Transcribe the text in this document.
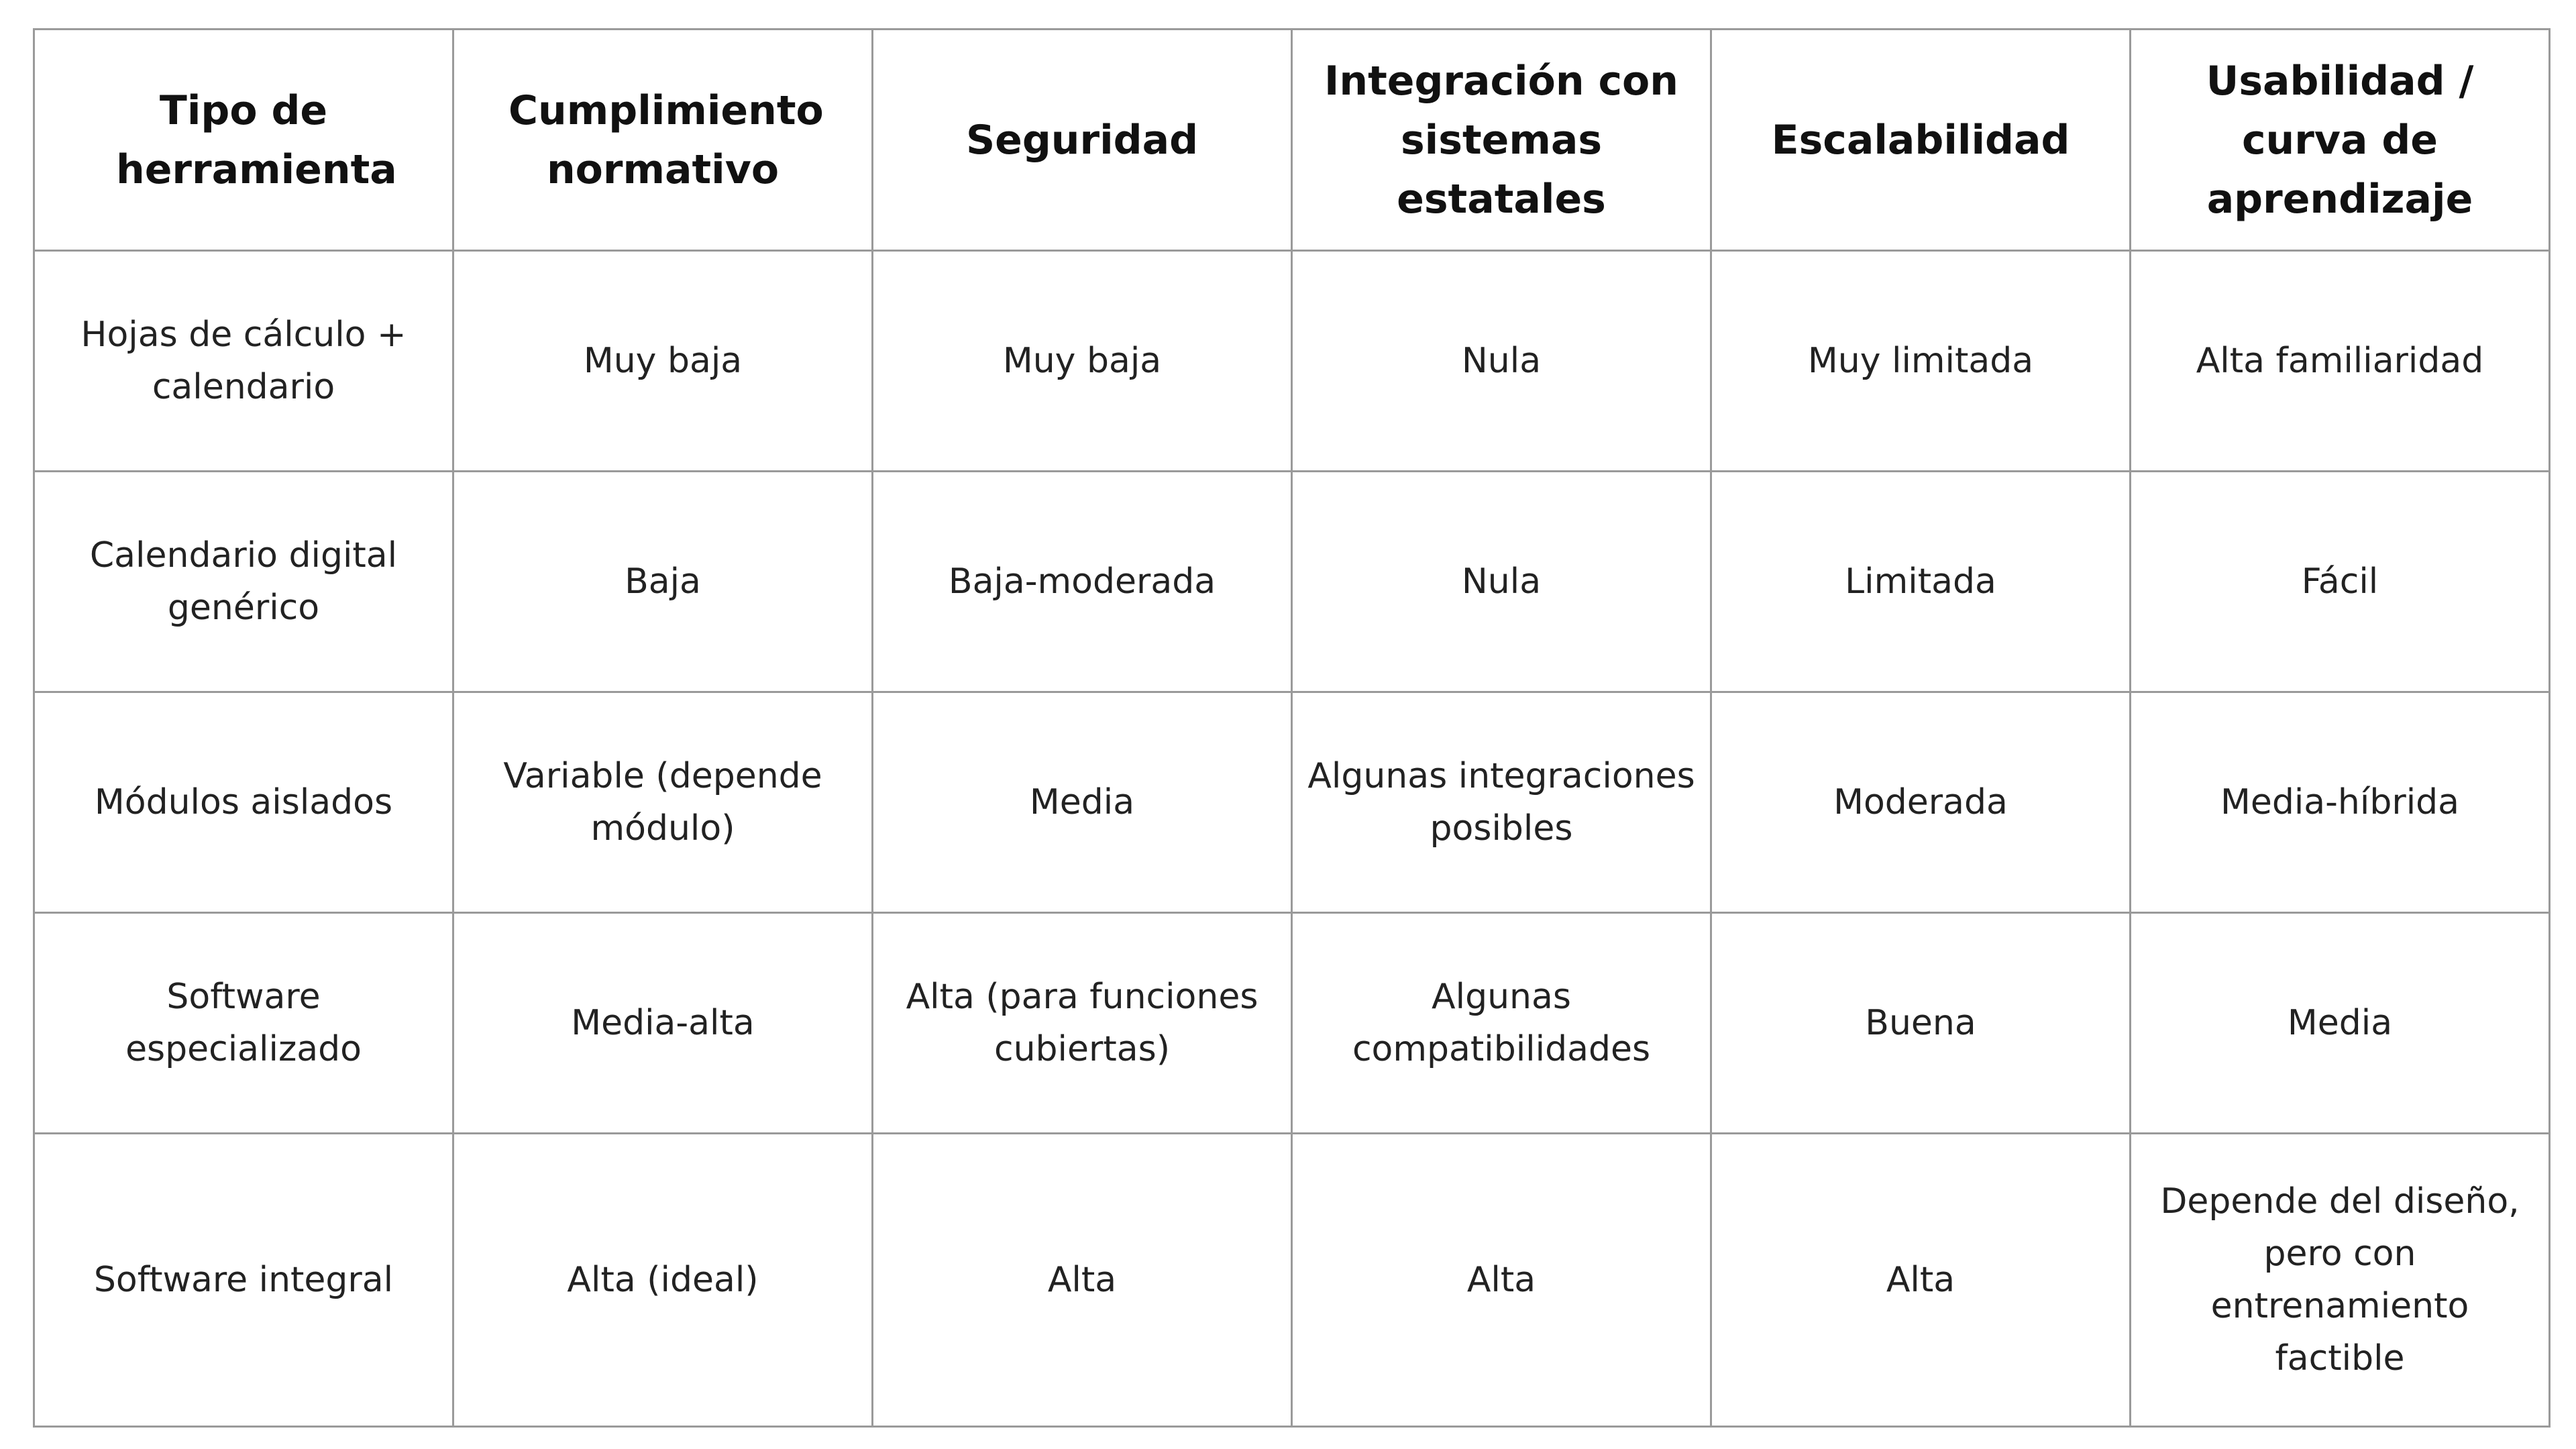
Tipo de herramienta	Cumplimiento normativo	Seguridad	Integración con sistemas estatales	Escalabilidad	Usabilidad / curva de aprendizaje
Hojas de cálculo + calendario	Muy baja	Muy baja	Nula	Muy limitada	Alta familiaridad
Calendario digital genérico	Baja	Baja-moderada	Nula	Limitada	Fácil
Módulos aislados	Variable (depende módulo)	Media	Algunas integraciones posibles	Moderada	Media-híbrida
Software especializado	Media-alta	Alta (para funciones cubiertas)	Algunas compatibilidades	Buena	Media
Software integral	Alta (ideal)	Alta	Alta	Alta	Depende del diseño, pero con entrenamiento factible
